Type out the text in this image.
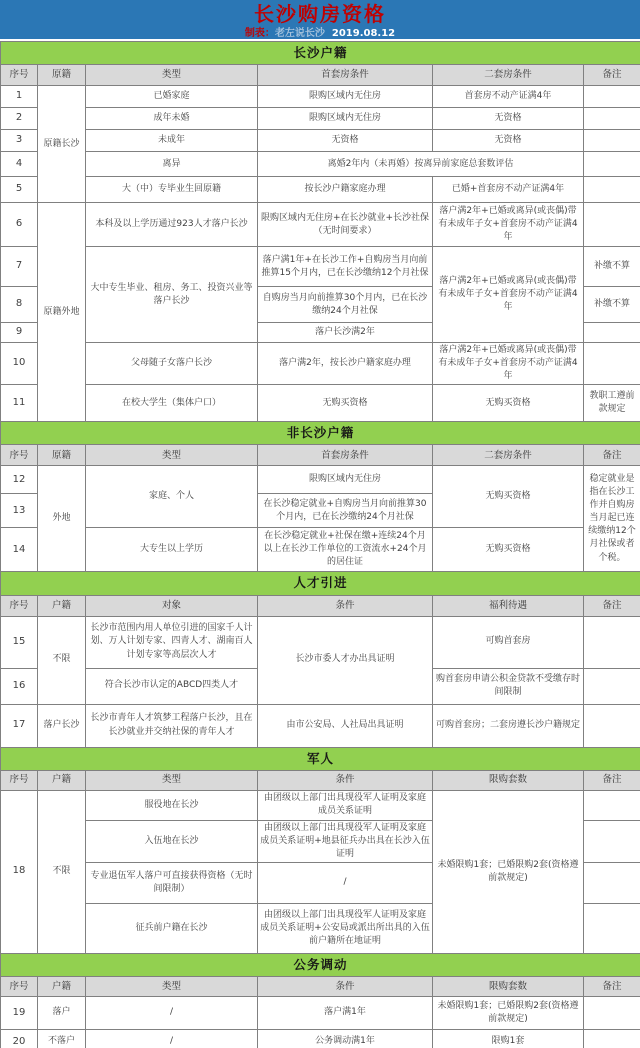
长沙购房资格
制表：老左说长沙 2019.08.12
长沙户籍					
序号	原籍	类型	首套房条件	二套房条件	备注
1	原籍长沙	已婚家庭	限购区域内无住房	首套房不动产证满4年	
2		成年未婚	限购区域内无住房	无资格	
3		未成年	无资格	无资格	
4		离异	离婚2年内（未再婚）按离异前家庭总套数评估		
5		大（中）专毕业生回原籍	按长沙户籍家庭办理	已婚+首套房不动产证满4年	
6	原籍外地	本科及以上学历通过923人才落户长沙	限购区域内无住房+在长沙就业+长沙社保（无时间要求）	落户满2年+已婚或离异(或丧偶)带有未成年子女+首套房不动产证满4年	
7		大中专生毕业、租房、务工、投资兴业等落户长沙	落户满1年+在长沙工作+自购房当月向前推算15个月内，已在长沙缴纳12个月社保	落户满2年+已婚或离异(或丧偶)带有未成年子女+首套房不动产证满4年	补缴不算
8			自购房当月向前推算30个月内，已在长沙缴纳24个月社保		补缴不算
9			落户长沙满2年		
10		父母随子女落户长沙	落户满2年，按长沙户籍家庭办理	落户满2年+已婚或离异(或丧偶)带有未成年子女+首套房不动产证满4年	
11		在校大学生（集体户口）	无购买资格	无购买资格	教职工遵前款规定
非长沙户籍					
序号	原籍	类型	首套房条件	二套房条件	备注
12	外地	家庭、个人	限购区域内无住房	无购买资格	稳定就业是指在长沙工作并自购房当月起已连续缴纳12个月社保或者个税。
13			在长沙稳定就业+自购房当月向前推算30个月内，已在长沙缴纳24个月社保		
14		大专生以上学历	在长沙稳定就业+社保在缴+连续24个月以上在长沙工作单位的工资流水+24个月的居住证	无购买资格	
人才引进					
序号	户籍	对象	条件	福利待遇	备注
15	不限	长沙市范围内用人单位引进的国家千人计划、万人计划专家、四青人才、湖南百人计划专家等高层次人才	长沙市委人才办出具证明	可购首套房	
16		符合长沙市认定的ABCD四类人才		购首套房申请公积金贷款不受缴存时间限制	
17	落户长沙	长沙市青年人才筑梦工程落户长沙，且在长沙就业并交纳社保的青年人才	由市公安局、人社局出具证明	可购首套房；二套房遵长沙户籍规定	
军人					
序号	户籍	类型	条件	限购套数	备注
18	不限	服役地在长沙	由团级以上部门出具现役军人证明及家庭成员关系证明	未婚限购1套；已婚限购2套(资格遵前款规定)	
		入伍地在长沙	由团级以上部门出具现役军人证明及家庭成员关系证明+地县征兵办出具在长沙入伍证明		
		专业退伍军人落户可直接获得资格（无时间限制）	/		
		征兵前户籍在长沙	由团级以上部门出具现役军人证明及家庭成员关系证明+公安局或派出所出具的入伍前户籍所在地证明		
公务调动					
序号	户籍	类型	条件	限购套数	备注
19	落户	/	落户满1年	未婚限购1套；已婚限购2套(资格遵前款规定)	
20	不落户	/	公务调动满1年	限购1套	
